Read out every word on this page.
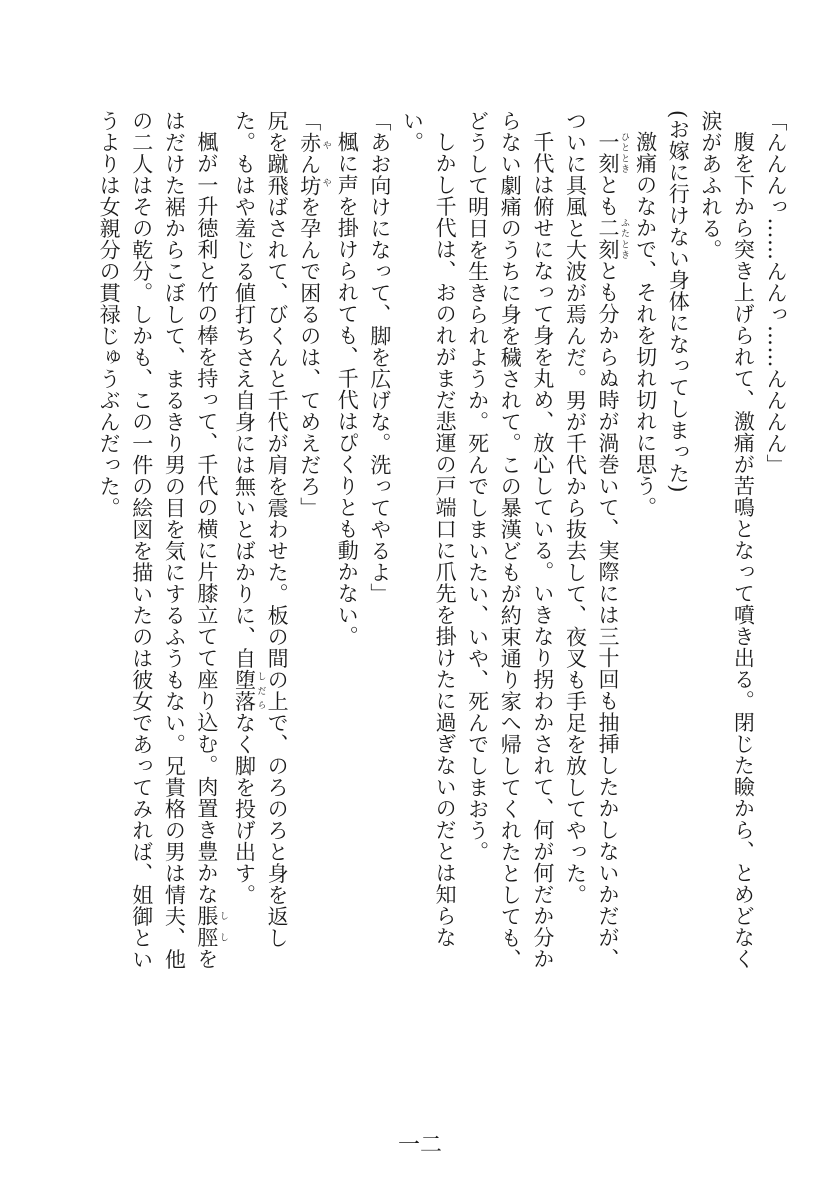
「んんんっ……んんっ……んんんん」

腹を下から突き上げられて、激痛が苦鳴となって噴き出る。閉じた瞼から、とめどなく涙があふれる。

(お嫁に行けない身体になってしまった)

激痛のなかで、それを切れ切れに思う。

一刻 ひとときとも二刻 ふたときとも分からぬ時が渦巻いて、実際には三十回も抽挿したかしないかだが、ついに具風と大波が焉んだ。男が千代から抜去して、夜叉も手足を放してやった。

千代は俯せになって身を丸め、放心している。いきなり拐わかされて、何が何だか分からない劇痛のうちに身を穢されて。この暴漢どもが約束通り家へ帰してくれたとしても、どうして明日を生きられようか。死んでしまいたい、いや、死んでしまおう。

しかし千代は、おのれがまだ悲運の戸端口に爪先を掛けたに過ぎないのだとは知らない。

「あお向けになって、脚を広げな。洗ってやるよ」

楓に声を掛けられても、千代はぴくりとも動かない。

「赤ん坊 ややを孕んで困るのは、てめえだろ」

尻を蹴飛ばされて、びくんと千代が肩を震わせた。板の間の上で、のろのろと身を返した。もはや羞じる値打ちさえ自身には無いとばかりに、自堕落 しだらなく脚を投げ出す。

楓が一升徳利と竹の棒を持って、千代の横に片膝立てて座り込む。肉置き豊かな脹脛 ししをはだけた裾からこぼして、まるきり男の目を気にするふうもない。兄貴格の男は情夫、他の二人はその乾分。しかも、この一件の絵図を描いたのは彼女であってみれば、姐御というよりは女親分の貫禄じゅうぶんだった。

一二
